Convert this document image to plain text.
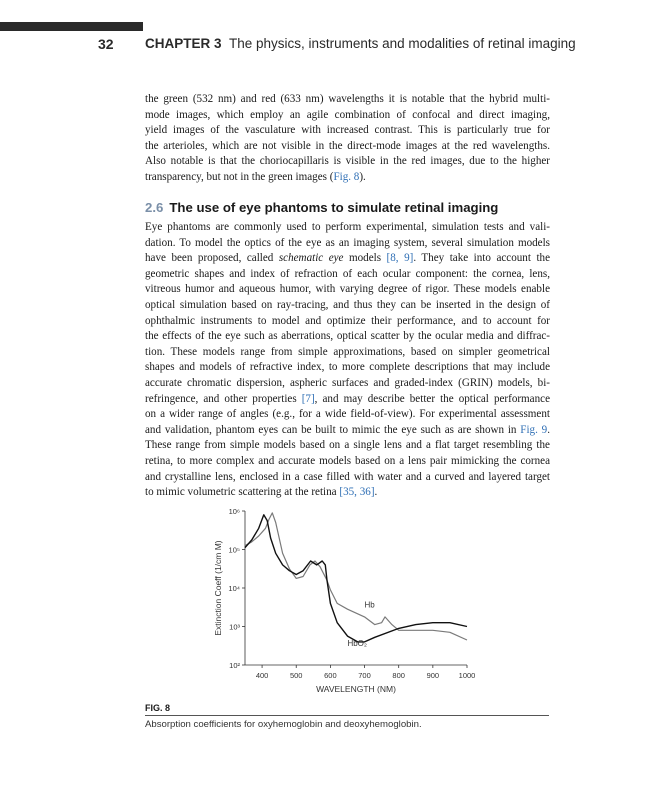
32 CHAPTER 3 The physics, instruments and modalities of retinal imaging
the green (532 nm) and red (633 nm) wavelengths it is notable that the hybrid multi-
mode images, which employ an agile combination of confocal and direct imaging,
yield images of the vasculature with increased contrast. This is particularly true for
the arterioles, which are not visible in the direct-mode images at the red wavelengths.
Also notable is that the choriocapillaris is visible in the red images, due to the higher
transparency, but not in the green images (Fig. 8).
2.6 The use of eye phantoms to simulate retinal imaging
Eye phantoms are commonly used to perform experimental, simulation tests and vali-
dation. To model the optics of the eye as an imaging system, several simulation models
have been proposed, called schematic eye models [8, 9]. They take into account the
geometric shapes and index of refraction of each ocular component: the cornea, lens,
vitreous humor and aqueous humor, with varying degree of rigor. These models enable
optical simulation based on ray-tracing, and thus they can be inserted in the design of
ophthalmic instruments to model and optimize their performance, and to account for
the effects of the eye such as aberrations, optical scatter by the ocular media and diffrac-
tion. These models range from simple approximations, based on simpler geometrical
shapes and models of refractive index, to more complete descriptions that may include
accurate chromatic dispersion, aspheric surfaces and graded-index (GRIN) models, bi-
refringence, and other properties [7], and may describe better the optical performance
on a wider range of angles (e.g., for a wide field-of-view). For experimental assessment
and validation, phantom eyes can be built to mimic the eye such as are shown in Fig. 9.
These range from simple models based on a single lens and a flat target resembling the
retina, to more complex and accurate models based on a lens pair mimicking the cornea
and crystalline lens, enclosed in a case filled with water and a curved and layered target
to mimic volumetric scattering at the retina [35, 36].
10²
10³
10⁴
10⁵
10⁶
400	500	600	700	800	900	1000
WAVELENGTH (NM)
Extinction Coeff (1/cm M)	Hb
HbO₂
FIG. 8
Absorption coefficients for oxyhemoglobin and deoxyhemoglobin.
